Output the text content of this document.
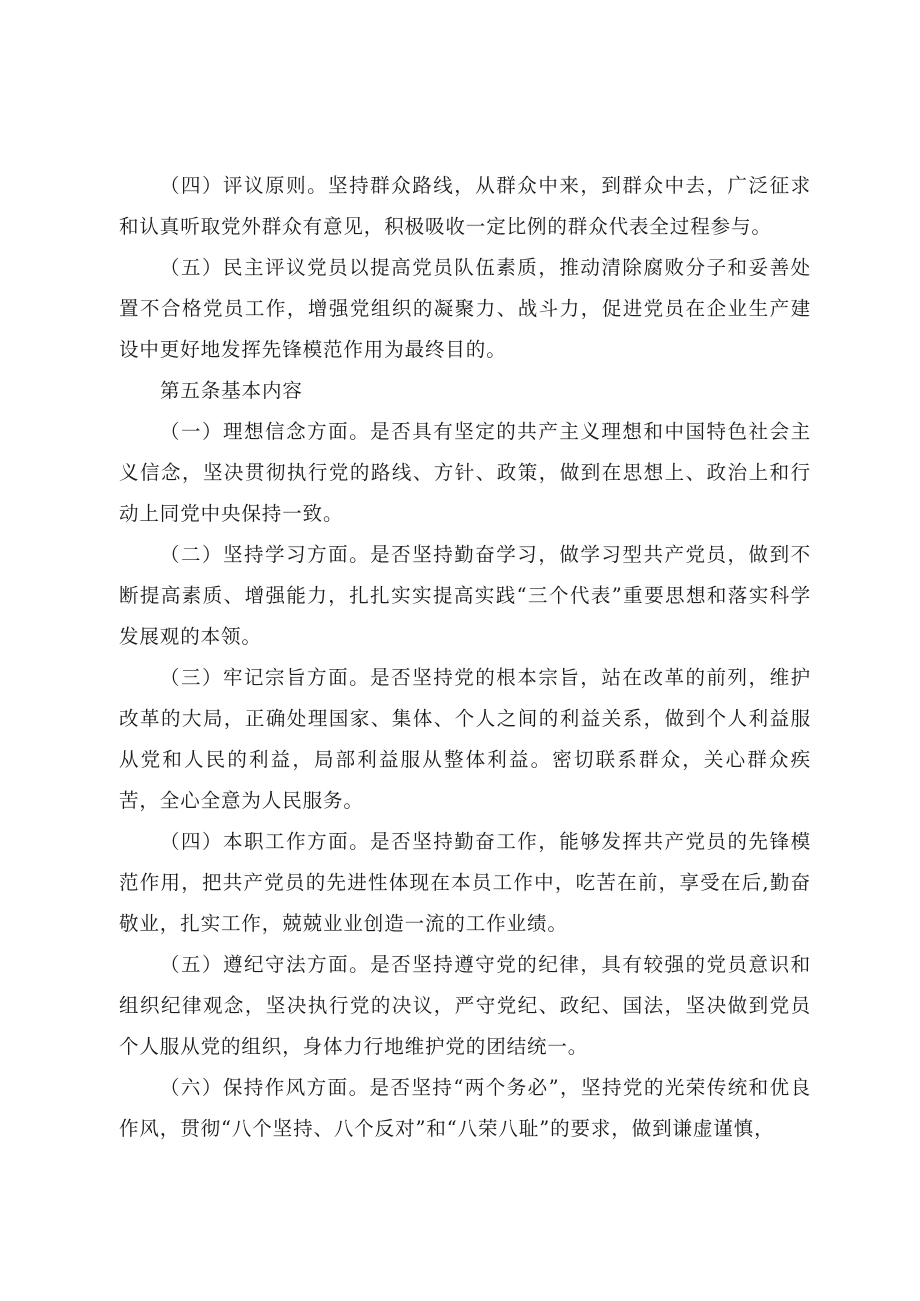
（四）评议原则。坚持群众路线，从群众中来，到群众中去，广泛征求和认真听取党外群众有意见，积极吸收一定比例的群众代表全过程参与。

（五）民主评议党员以提高党员队伍素质，推动清除腐败分子和妥善处置不合格党员工作，增强党组织的凝聚力、战斗力，促进党员在企业生产建设中更好地发挥先锋模范作用为最终目的。

第五条基本内容

（一）理想信念方面。是否具有坚定的共产主义理想和中国特色社会主义信念，坚决贯彻执行党的路线、方针、政策，做到在思想上、政治上和行动上同党中央保持一致。

（二）坚持学习方面。是否坚持勤奋学习，做学习型共产党员，做到不断提高素质、增强能力，扎扎实实提高实践“三个代表”重要思想和落实科学发展观的本领。

（三）牢记宗旨方面。是否坚持党的根本宗旨，站在改革的前列，维护改革的大局，正确处理国家、集体、个人之间的利益关系，做到个人利益服从党和人民的利益，局部利益服从整体利益。密切联系群众，关心群众疾苦，全心全意为人民服务。

（四）本职工作方面。是否坚持勤奋工作，能够发挥共产党员的先锋模范作用，把共产党员的先进性体现在本员工作中，吃苦在前，享受在后,勤奋敬业，扎实工作，兢兢业业创造一流的工作业绩。

（五）遵纪守法方面。是否坚持遵守党的纪律，具有较强的党员意识和组织纪律观念，坚决执行党的决议，严守党纪、政纪、国法，坚决做到党员个人服从党的组织，身体力行地维护党的团结统一。

（六）保持作风方面。是否坚持“两个务必”，坚持党的光荣传统和优良作风，贯彻“八个坚持、八个反对”和“八荣八耻”的要求，做到谦虚谨慎，
